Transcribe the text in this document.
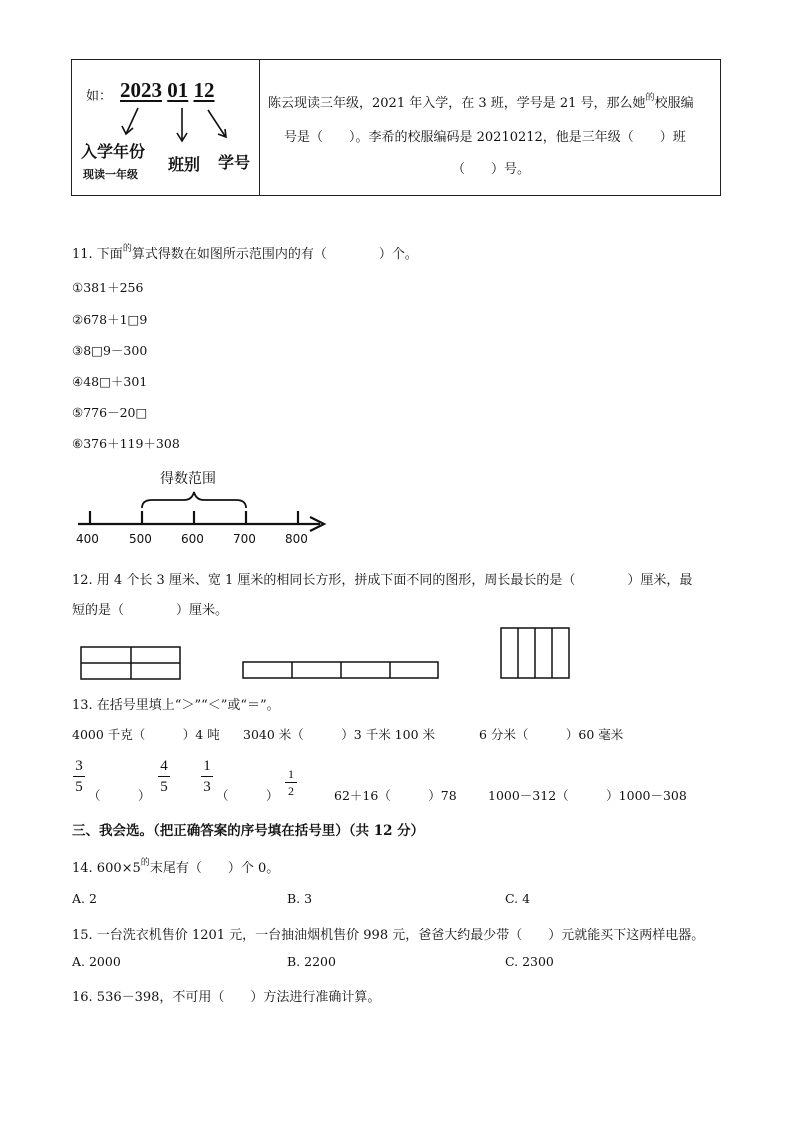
如： 2023 01 12
入学年份
现读一年级
班别 学号
陈云现读三年级，2021 年入学，在 3 班，学号是 21 号，那么她$^的$校服编
号是（　　）。李希的校服编码是 20210212，他是三年级（　　）班
（　　）号。
11. 下面$^的$算式得数在如图所示范围内的有（　　　　）个。
①381＋256
②678＋1□9
③8□9－300
④48□＋301
⑤776－20□
⑥376＋119＋308
得数范围
400	500 600 700 800
12. 用 4 个长 3 厘米、宽 1 厘米的相同长方形，拼成下面不同的图形，周长最长的是（　　　　）厘米，最
短的是（　　　　）厘米。
13. 在括号里填上“＞”“＜”或“＝”。
4000 千克（　　　）4 吨 3040 米（　　　）3 千米 100 米	6 分米（　　　）60 毫米
3
5
（　　　）
4
5
1
3
（　　　）
1
2	62＋16（　　　）78	1000－312（　　　）1000－308
三、我会选。（把正确答案的序号填在括号里）（共 12 分）
14. $600\times 5^的$末尾有（　　）个 0。
A. 2	B. 3	C. 4
15. 一台洗衣机售价 1201 元，一台抽油烟机售价 998 元，爸爸大约最少带（　　）元就能买下这两样电器。
A. 2000	B. 2200	C. 2300
16. 536－398，不可用（　　）方法进行准确计算。
